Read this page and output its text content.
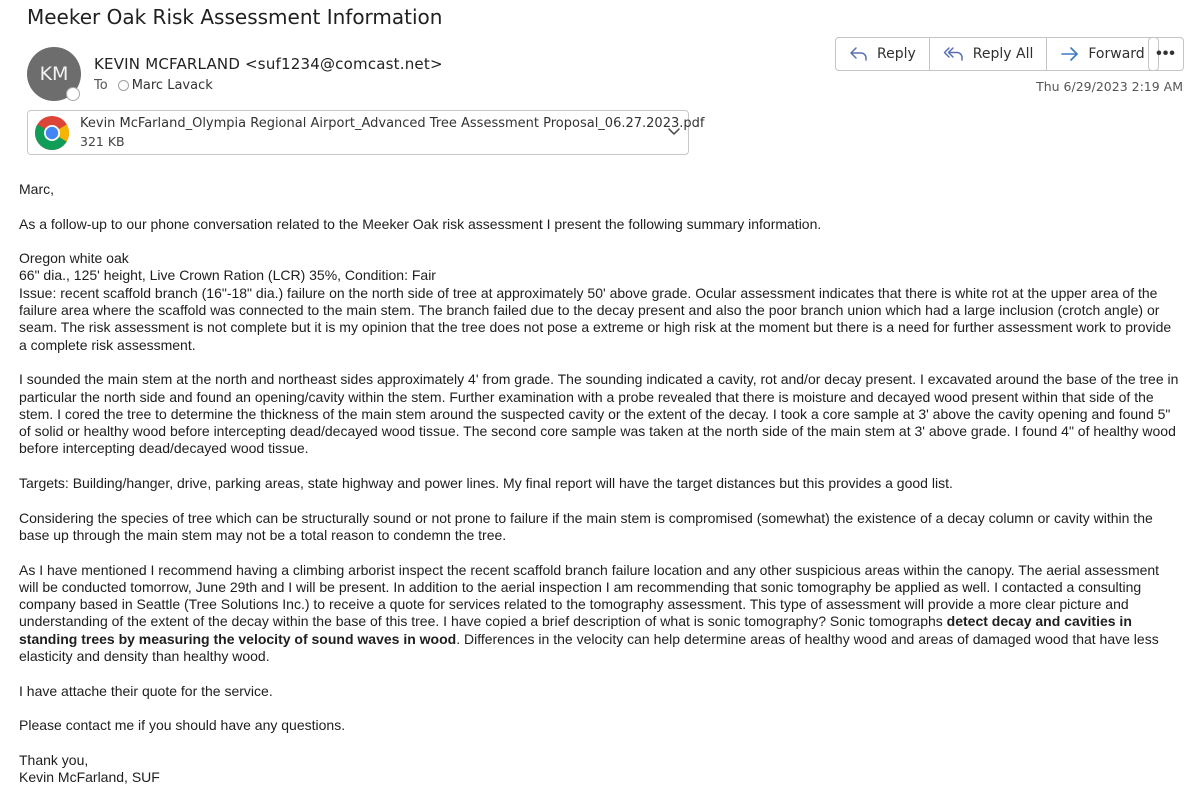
Meeker Oak Risk Assessment Information
KM	KEVIN MCFARLAND <suf1234@comcast.net>
To Marc Lavack
Reply	Reply All	Forward •••
Thu 6/29/2023 2:19 AM
Kevin McFarland_Olympia Regional Airport_Advanced Tree Assessment Proposal_06.27.2023.pdf
321 KB

Marc,

As a follow-up to our phone conversation related to the Meeker Oak risk assessment I present the following summary information.

Oregon white oak
66" dia., 125' height, Live Crown Ration (LCR) 35%, Condition: Fair

Issue: recent scaffold branch (16"-18" dia.) failure on the north side of tree at approximately 50' above grade. Ocular assessment indicates that there is white rot at the upper area of the failure area where the scaffold was connected to the main stem. The branch failed due to the decay present and also the poor branch union which had a large inclusion (crotch angle) or seam. The risk assessment is not complete but it is my opinion that the tree does not pose a extreme or high risk at the moment but there is a need for further assessment work to provide a complete risk assessment.

I sounded the main stem at the north and northeast sides approximately 4' from grade. The sounding indicated a cavity, rot and/or decay present. I excavated around the base of the tree in particular the north side and found an opening/cavity within the stem. Further examination with a probe revealed that there is moisture and decayed wood present within that side of the stem. I cored the tree to determine the thickness of the main stem around the suspected cavity or the extent of the decay. I took a core sample at 3' above the cavity opening and found 5" of solid or healthy wood before intercepting dead/decayed wood tissue. The second core sample was taken at the north side of the main stem at 3' above grade. I found 4" of healthy wood before intercepting dead/decayed wood tissue.

Targets: Building/hanger, drive, parking areas, state highway and power lines. My final report will have the target distances but this provides a good list.

Considering the species of tree which can be structurally sound or not prone to failure if the main stem is compromised (somewhat) the existence of a decay column or cavity within the base up through the main stem may not be a total reason to condemn the tree.

As I have mentioned I recommend having a climbing arborist inspect the recent scaffold branch failure location and any other suspicious areas within the canopy. The aerial assessment will be conducted tomorrow, June 29th and I will be present. In addition to the aerial inspection I am recommending that sonic tomography be applied as well. I contacted a consulting company based in Seattle (Tree Solutions Inc.) to receive a quote for services related to the tomography assessment. This type of assessment will provide a more clear picture and understanding of the extent of the decay within the base of this tree. I have copied a brief description of what is sonic tomography? Sonic tomographs detect decay and cavities in standing trees by measuring the velocity of sound waves in wood. Differences in the velocity can help determine areas of healthy wood and areas of damaged wood that have less elasticity and density than healthy wood.

I have attache their quote for the service.

Please contact me if you should have any questions.

Thank you,
Kevin McFarland, SUF
